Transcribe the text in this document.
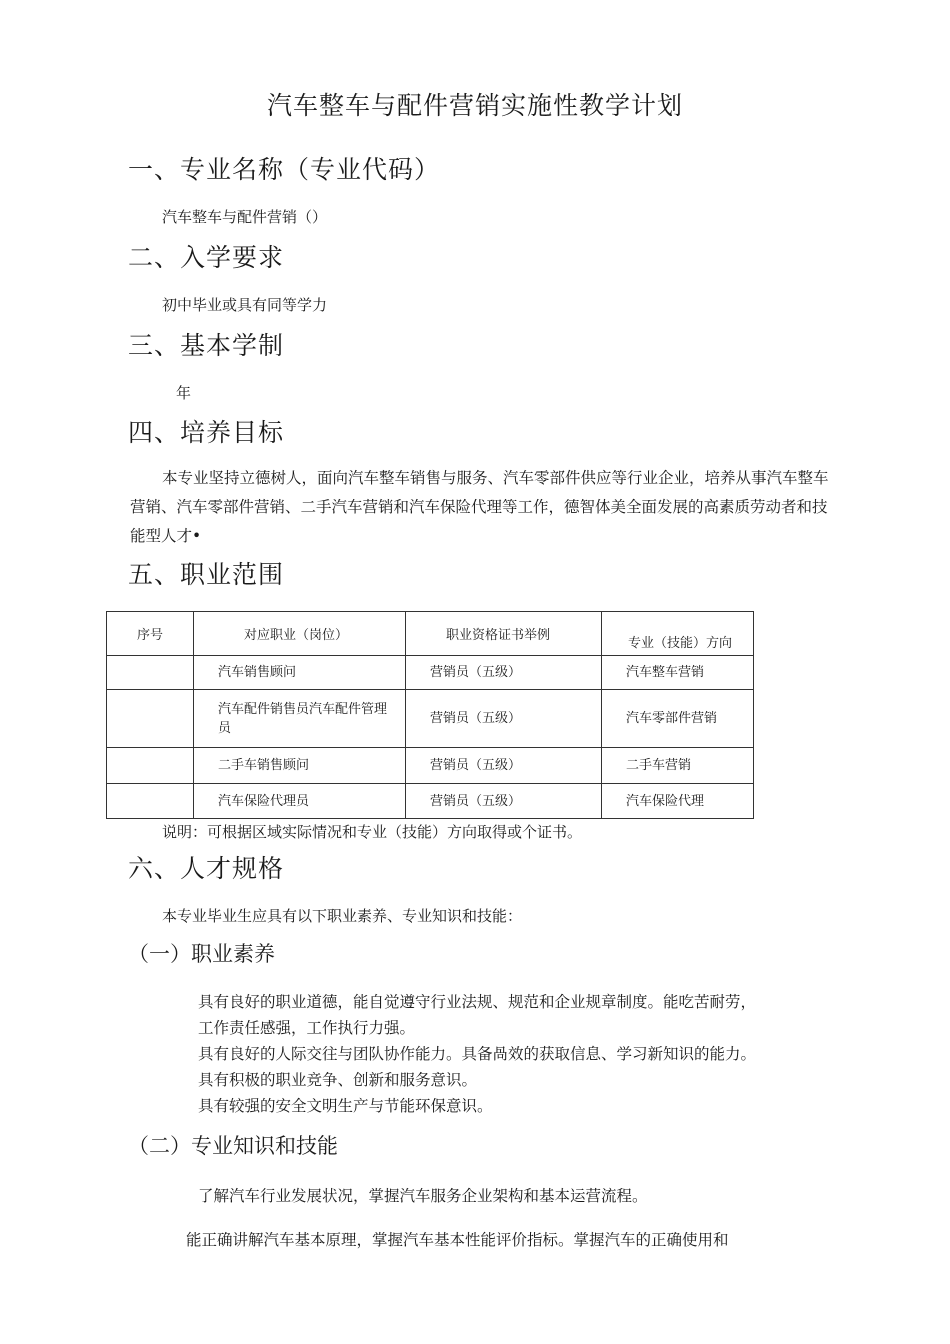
汽车整车与配件营销实施性教学计划
一、专业名称（专业代码）
汽车整车与配件营销（）
二、入学要求
初中毕业或具有同等学力
三、基本学制
年
四、培养目标
本专业坚持立德树人，面向汽车整车销售与服务、汽车零部件供应等行业企业，培养从事汽车整车营销、汽车零部件营销、二手汽车营销和汽车保险代理等工作，德智体美全面发展的高素质劳动者和技能型人才•
五、职业范围
序号	对应职业（岗位）	职业资格证书举例	专业（技能）方向
	汽车销售顾问	营销员（五级）	汽车整车营销
	汽车配件销售员汽车配件管理员	营销员（五级）	汽车零部件营销
	二手车销售顾问	营销员（五级）	二手车营销
	汽车保险代理员	营销员（五级）	汽车保险代理
说明：可根据区域实际情况和专业（技能）方向取得或个证书。
六、人才规格
本专业毕业生应具有以下职业素养、专业知识和技能：
（一）职业素养
具有良好的职业道德，能自觉遵守行业法规、规范和企业规章制度。能吃苦耐劳，
工作责任感强，工作执行力强。
具有良好的人际交往与团队协作能力。具备咼效的获取信息、学习新知识的能力。
具有积极的职业竞争、创新和服务意识。
具有较强的安全文明生产与节能环保意识。
（二）专业知识和技能
了解汽车行业发展状况，掌握汽车服务企业架构和基本运营流程。
能正确讲解汽车基本原理，掌握汽车基本性能评价指标。掌握汽车的正确使用和
